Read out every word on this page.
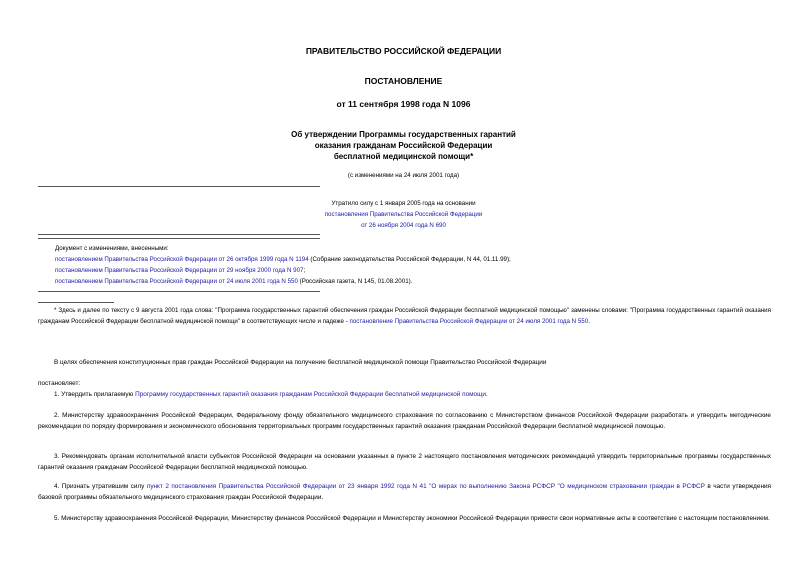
ПРАВИТЕЛЬСТВО РОССИЙСКОЙ ФЕДЕРАЦИИ
ПОСТАНОВЛЕНИЕ
от 11 сентября 1998 года N 1096
Об утверждении Программы государственных гарантий
оказания гражданам Российской Федерации
бесплатной медицинской помощи*
(с изменениями на 24 июля 2001 года)
Утратило силу с 1 января 2005 года на основании
постановления Правительства Российской Федерации
от 26 ноября 2004 года N 690
Документ с изменениями, внесенными:
постановлением Правительства Российской Федерации от 26 октября 1999 года N 1194 (Собрание законодательства Российской Федерации, N 44, 01.11.99);
постановлением Правительства Российской Федерации от 29 ноября 2000 года N 907;
постановлением Правительства Российской Федерации от 24 июля 2001 года N 550 (Российская газета, N 145, 01.08.2001).
* Здесь и далее по тексту с 9 августа 2001 года слова: "Программа государственных гарантий обеспечения граждан Российской Федерации бесплатной медицинской помощью" заменены словами: "Программа государственных гарантий оказания гражданам Российской Федерации бесплатной медицинской помощи" в соответствующих числе и падеже - постановление Правительства Российской Федерации от 24 июля 2001 года N 550.
В целях обеспечения конституционных прав граждан Российской Федерации на получение бесплатной медицинской помощи Правительство Российской Федерации
постановляет:
1. Утвердить прилагаемую Программу государственных гарантий оказания гражданам Российской Федерации бесплатной медицинской помощи.
2. Министерству здравоохранения Российской Федерации, Федеральному фонду обязательного медицинского страхования по согласованию с Министерством финансов Российской Федерации разработать и утвердить методические рекомендации по порядку формирования и экономического обоснования территориальных программ государственных гарантий оказания гражданам Российской Федерации бесплатной медицинской помощью.
3. Рекомендовать органам исполнительной власти субъектов Российской Федерации на основании указанных в пункте 2 настоящего постановления методических рекомендаций утвердить территориальные программы государственных гарантий оказания гражданам Российской Федерации бесплатной медицинской помощью.
4. Признать утратившим силу пункт 2 постановления Правительства Российской Федерации от 23 января 1992 года N 41 "О мерах по выполнению Закона РСФСР "О медицинском страховании граждан в РСФСР в части утверждения базовой программы обязательного медицинского страхования граждан Российской Федерации.
5. Министерству здравоохранения Российской Федерации, Министерству финансов Российской Федерации и Министерству экономики Российской Федерации привести свои нормативные акты в соответствие с настоящим постановлением.
